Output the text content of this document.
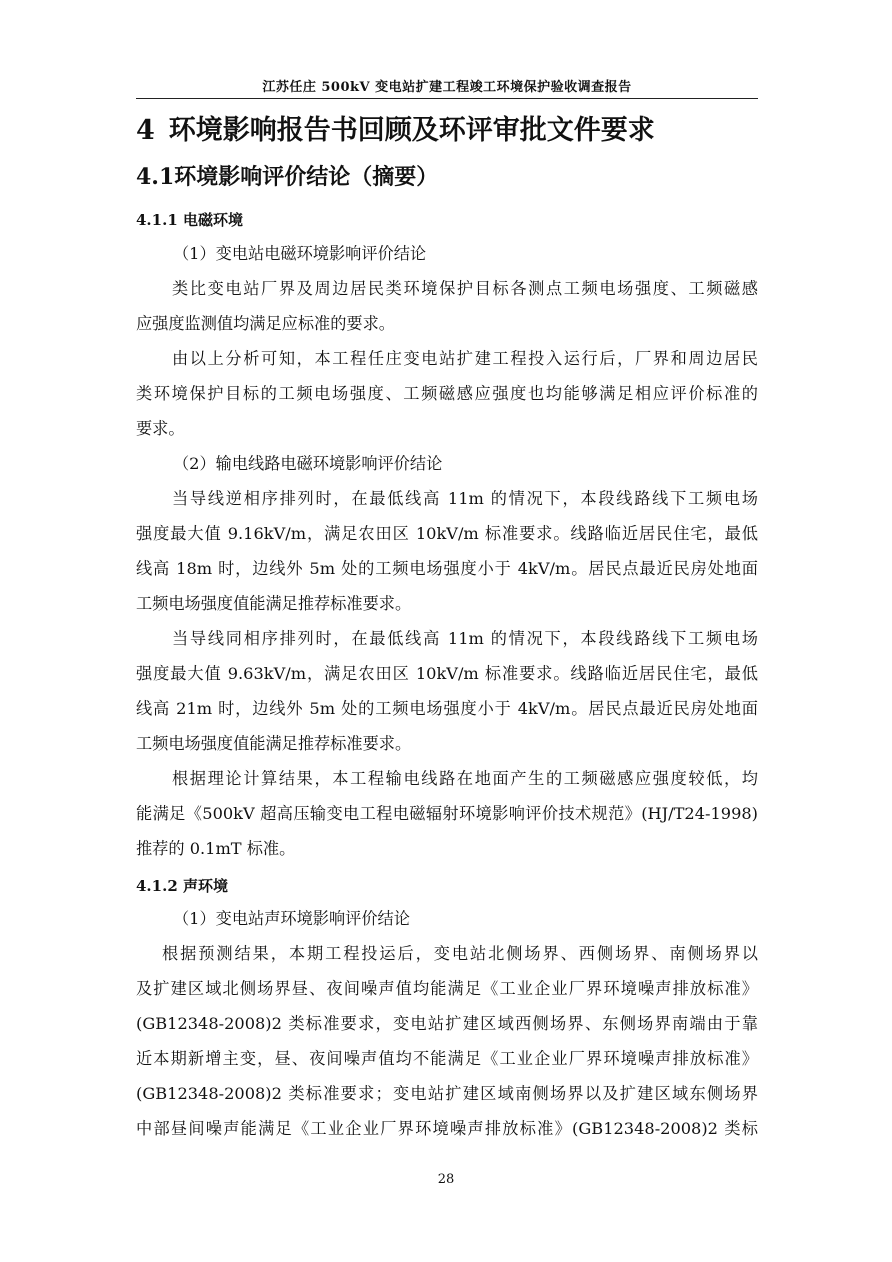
江苏任庄 500kV 变电站扩建工程竣工环境保护验收调查报告
4 环境影响报告书回顾及环评审批文件要求
4.1环境影响评价结论（摘要）
4.1.1 电磁环境
（1）变电站电磁环境影响评价结论
类比变电站厂界及周边居民类环境保护目标各测点工频电场强度、工频磁感
应强度监测值均满足应标准的要求。
由以上分析可知，本工程任庄变电站扩建工程投入运行后，厂界和周边居民
类环境保护目标的工频电场强度、工频磁感应强度也均能够满足相应评价标准的
要求。
（2）输电线路电磁环境影响评价结论
当导线逆相序排列时，在最低线高 11m 的情况下，本段线路线下工频电场
强度最大值 9.16kV/m，满足农田区 10kV/m 标准要求。线路临近居民住宅，最低
线高 18m 时，边线外 5m 处的工频电场强度小于 4kV/m。居民点最近民房处地面
工频电场强度值能满足推荐标准要求。
当导线同相序排列时，在最低线高 11m 的情况下，本段线路线下工频电场
强度最大值 9.63kV/m，满足农田区 10kV/m 标准要求。线路临近居民住宅，最低
线高 21m 时，边线外 5m 处的工频电场强度小于 4kV/m。居民点最近民房处地面
工频电场强度值能满足推荐标准要求。
根据理论计算结果，本工程输电线路在地面产生的工频磁感应强度较低，均
能满足《500kV 超高压输变电工程电磁辐射环境影响评价技术规范》(HJ/T24-1998)
推荐的 0.1mT 标准。
4.1.2 声环境
（1）变电站声环境影响评价结论
根据预测结果，本期工程投运后，变电站北侧场界、西侧场界、南侧场界以
及扩建区域北侧场界昼、夜间噪声值均能满足《工业企业厂界环境噪声排放标准》
(GB12348-2008)2 类标准要求，变电站扩建区域西侧场界、东侧场界南端由于靠
近本期新增主变，昼、夜间噪声值均不能满足《工业企业厂界环境噪声排放标准》
(GB12348-2008)2 类标准要求；变电站扩建区域南侧场界以及扩建区域东侧场界
中部昼间噪声能满足《工业企业厂界环境噪声排放标准》(GB12348-2008)2 类标
28
